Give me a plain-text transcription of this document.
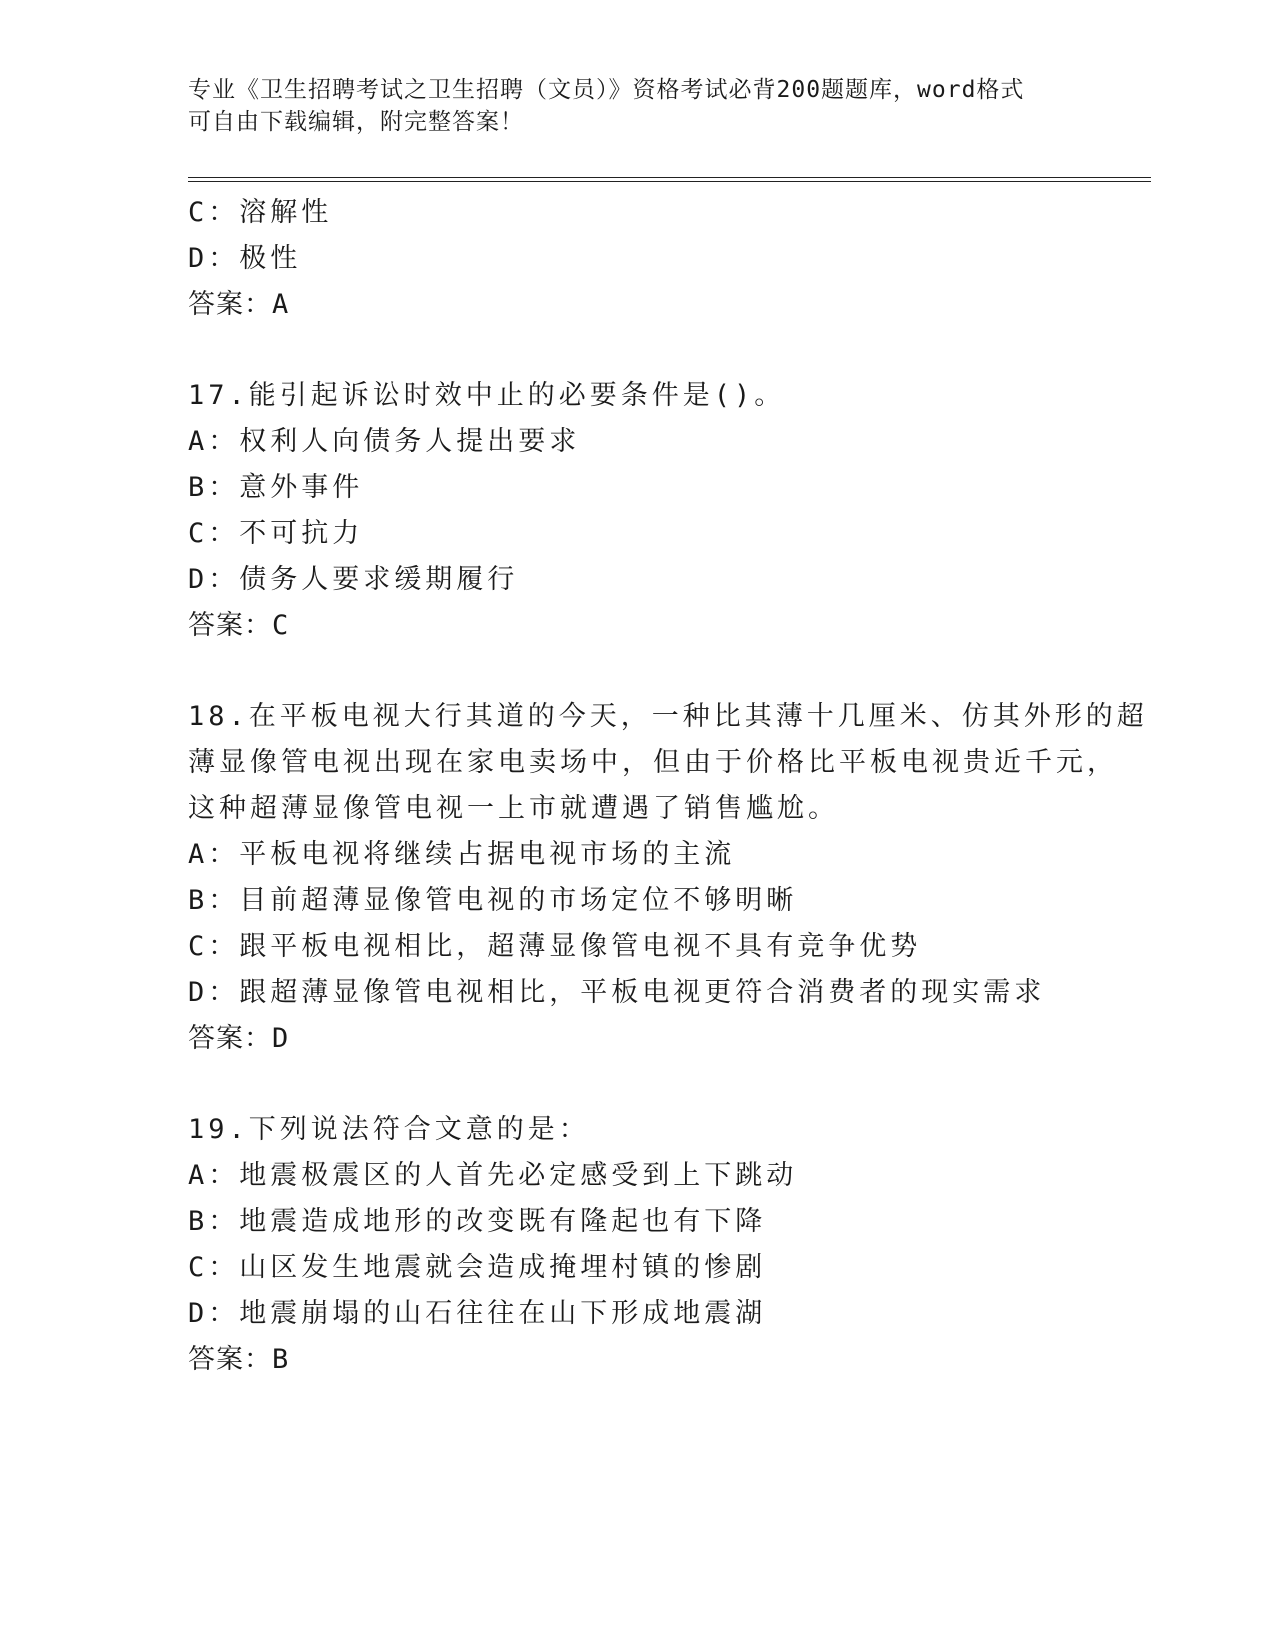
专业《卫生招聘考试之卫生招聘（文员）》资格考试必背200题题库，word格式
可自由下载编辑，附完整答案！
C：溶解性
D：极性
答案：A
17.能引起诉讼时效中止的必要条件是()。
A：权利人向债务人提出要求
B：意外事件
C：不可抗力
D：债务人要求缓期履行
答案：C
18.在平板电视大行其道的今天，一种比其薄十几厘米、仿其外形的超
薄显像管电视出现在家电卖场中，但由于价格比平板电视贵近千元，
这种超薄显像管电视一上市就遭遇了销售尴尬。
A：平板电视将继续占据电视市场的主流
B：目前超薄显像管电视的市场定位不够明晰
C：跟平板电视相比，超薄显像管电视不具有竞争优势
D：跟超薄显像管电视相比，平板电视更符合消费者的现实需求
答案：D
19.下列说法符合文意的是：
A：地震极震区的人首先必定感受到上下跳动
B：地震造成地形的改变既有隆起也有下降
C：山区发生地震就会造成掩埋村镇的惨剧
D：地震崩塌的山石往往在山下形成地震湖
答案：B
